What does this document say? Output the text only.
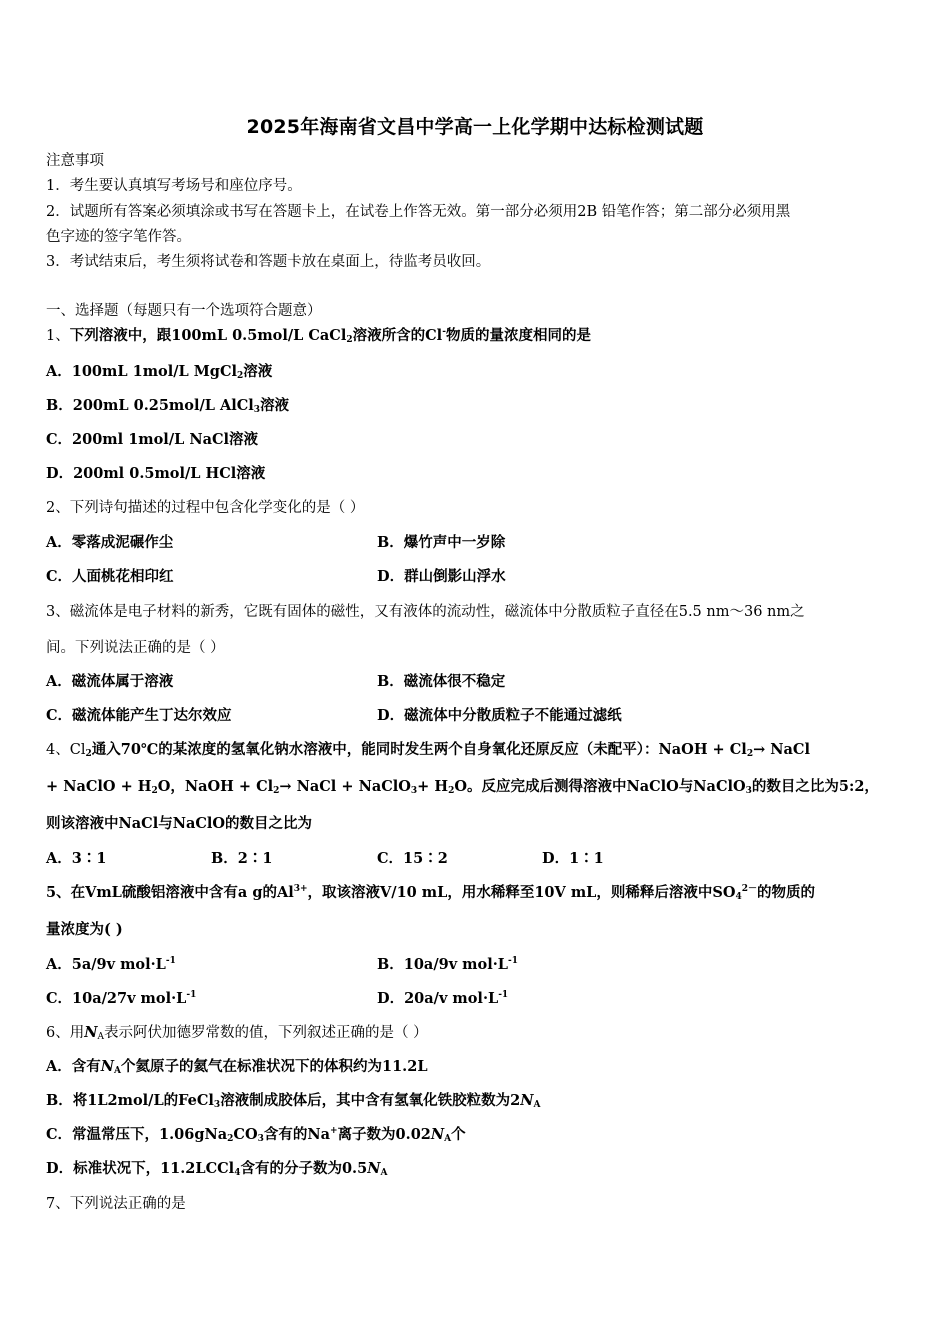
2025年海南省文昌中学高一上化学期中达标检测试题
注意事项
1．考生要认真填写考场号和座位序号。
2．试题所有答案必须填涂或书写在答题卡上，在试卷上作答无效。第一部分必须用2B 铅笔作答；第二部分必须用黑
色字迹的签字笔作答。
3．考试结束后，考生须将试卷和答题卡放在桌面上，待监考员收回。
一、选择题（每题只有一个选项符合题意）
1、下列溶液中，跟100mL 0.5mol/L CaCl$_2$溶液所含的Cl-物质的量浓度相同的是
A．100mL 1mol/L MgCl$_2$溶液
B．200mL 0.25mol/L AlCl$_3$溶液
C．200ml 1mol/L NaCl溶液
D．200ml 0.5mol/L HCl溶液
2、下列诗句描述的过程中包含化学变化的是（ ）
A．零落成泥碾作尘	B．爆竹声中一岁除
C．人面桃花相印红	D．群山倒影山浮水
3、磁流体是电子材料的新秀，它既有固体的磁性，又有液体的流动性，磁流体中分散质粒子直径在5.5 nm～36 nm之
间。下列说法正确的是（ ）
A．磁流体属于溶液	B．磁流体很不稳定
C．磁流体能产生丁达尔效应	D．磁流体中分散质粒子不能通过滤纸
4、$Cl_2$通入70℃的某浓度的氢氧化钠水溶液中，能同时发生两个自身氧化还原反应（未配平）：NaOH + $Cl_2\to$ NaCl
+ NaClO + $H_2O$，NaOH + $Cl_2\to$ NaCl + NaClO$_3$+ $H_2O$。反应完成后测得溶液中NaClO与NaClO$_3$的数目之比为5:2，
则该溶液中NaCl与NaClO的数目之比为
A．3∶1	B．2∶1	C．15∶2	D．1∶1
5、在VmL硫酸铝溶液中含有a g的$Al^{3+}$，取该溶液V/10 mL，用水稀释至10V mL，则稀释后溶液中$SO_4^{2-}$的物质的
量浓度为( )
A．5a/9v $mol\cdot L^{-1}$	B．10a/9v $mol\cdot L^{-1}$
C．10a/27v $mol\cdot L^{-1}$	D．20a/v $mol\cdot L^{-1}$
6、用$N_A$表示阿伏加德罗常数的值，下列叙述正确的是（ ）
A．含有$N_A$个氦原子的氦气在标准状况下的体积约为11.2L
B．将1L2mol/L的FeCl$_3$溶液制成胶体后，其中含有氢氧化铁胶粒数为$2N_A$
C．常温常压下，$1.06gNa_2CO_3$含有的Na+离子数为$0.02N_A$个
D．标准状况下，11.2LCCl$_4$含有的分子数为$0.5N_A$
7、下列说法正确的是
